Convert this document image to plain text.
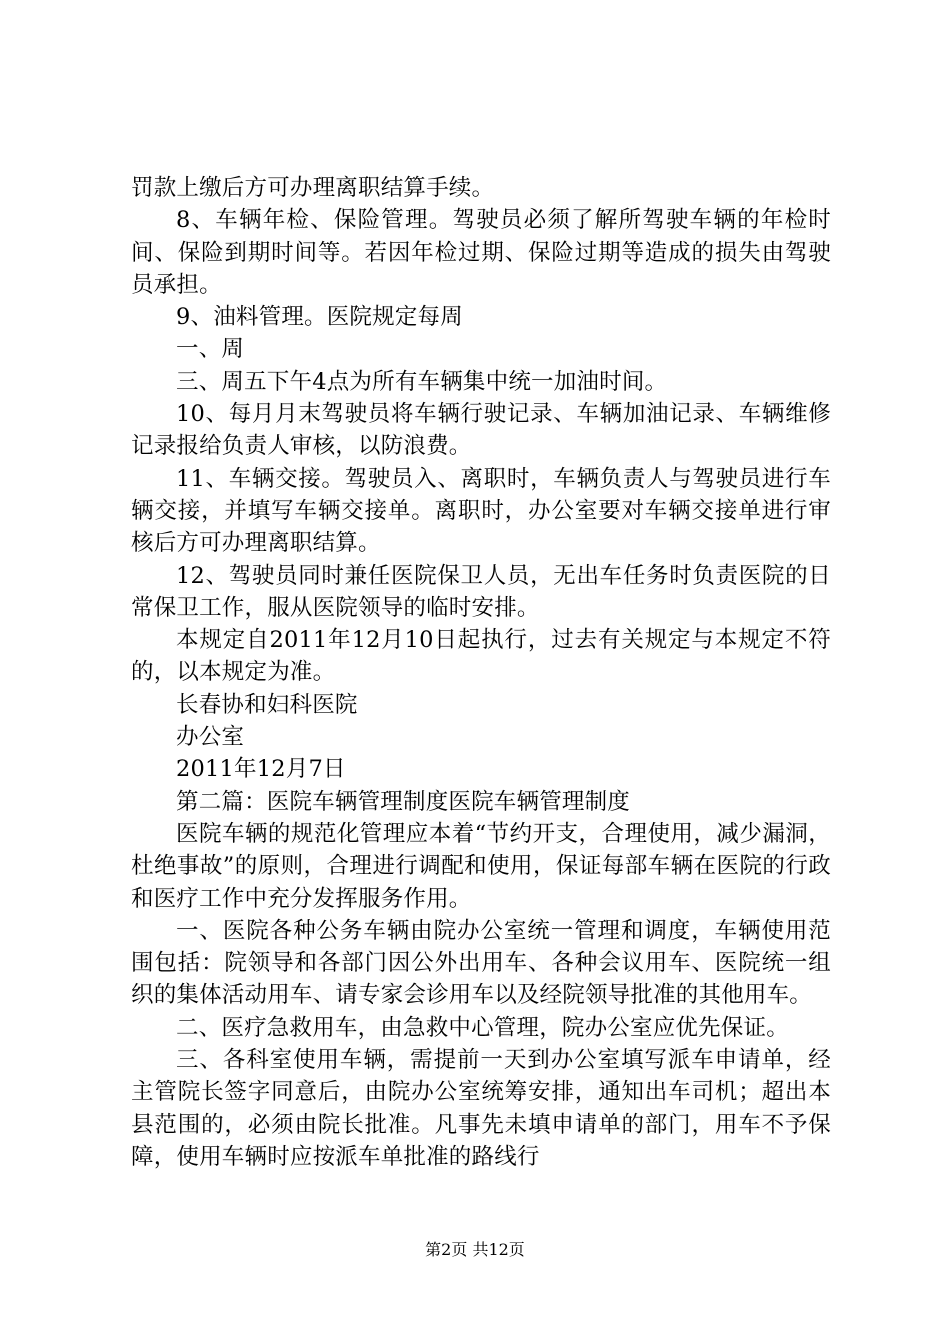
罚款上缴后方可办理离职结算手续。

8、车辆年检、保险管理。驾驶员必须了解所驾驶车辆的年检时间、保险到期时间等。若因年检过期、保险过期等造成的损失由驾驶员承担。

9、油料管理。医院规定每周

一、周

三、周五下午4点为所有车辆集中统一加油时间。

10、每月月末驾驶员将车辆行驶记录、车辆加油记录、车辆维修记录报给负责人审核，以防浪费。

11、车辆交接。驾驶员入、离职时，车辆负责人与驾驶员进行车辆交接，并填写车辆交接单。离职时，办公室要对车辆交接单进行审核后方可办理离职结算。

12、驾驶员同时兼任医院保卫人员，无出车任务时负责医院的日常保卫工作，服从医院领导的临时安排。

本规定自2011年12月10日起执行，过去有关规定与本规定不符的，以本规定为准。

长春协和妇科医院

办公室

2011年12月7日

第二篇：医院车辆管理制度医院车辆管理制度

医院车辆的规范化管理应本着“节约开支，合理使用，减少漏洞，杜绝事故”的原则，合理进行调配和使用，保证每部车辆在医院的行政和医疗工作中充分发挥服务作用。

一、医院各种公务车辆由院办公室统一管理和调度，车辆使用范围包括：院领导和各部门因公外出用车、各种会议用车、医院统一组织的集体活动用车、请专家会诊用车以及经院领导批准的其他用车。

二、医疗急救用车，由急救中心管理，院办公室应优先保证。

三、各科室使用车辆，需提前一天到办公室填写派车申请单，经主管院长签字同意后，由院办公室统筹安排，通知出车司机；超出本县范围的，必须由院长批准。凡事先未填申请单的部门，用车不予保障，使用车辆时应按派车单批准的路线行

第2页 共12页
